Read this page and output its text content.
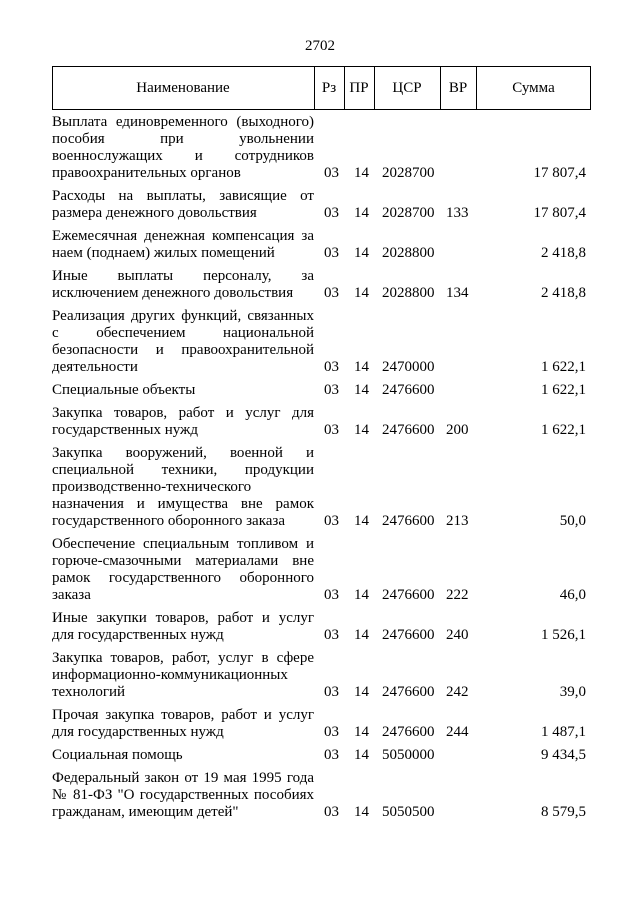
2702
Наименование	Рз ПР	ЦСР	ВР	Сумма
Выплата единовременного (выходного) пособия при увольнении военнослужащих и сотрудников правоохранительных органов	03 14 2028700	17 807,4
Расходы на выплаты, зависящие от размера денежного довольствия	03 14 2028700 133	17 807,4
Ежемесячная денежная компенсация за наем (поднаем) жилых помещений	03 14 2028800	2 418,8
Иные выплаты персоналу, за исключением денежного довольствия	03 14 2028800 134	2 418,8
Реализация других функций, связанных с обеспечением национальной безопасности и правоохранительной деятельности	03 14 2470000	1 622,1
Специальные объекты	03 14 2476600	1 622,1
Закупка товаров, работ и услуг для государственных нужд	03 14 2476600 200	1 622,1
Закупка вооружений, военной и специальной техники, продукции производственно-технического назначения и имущества вне рамок государственного оборонного заказа	03 14 2476600 213	50,0
Обеспечение специальным топливом и горюче-смазочными материалами вне рамок государственного оборонного заказа	03 14 2476600 222	46,0
Иные закупки товаров, работ и услуг для государственных нужд	03 14 2476600 240	1 526,1
Закупка товаров, работ, услуг в сфере информационно-коммуникационных технологий	03 14 2476600 242	39,0
Прочая закупка товаров, работ и услуг для государственных нужд	03 14 2476600 244	1 487,1
Социальная помощь	03 14 5050000	9 434,5
Федеральный закон от 19 мая 1995 года № 81-ФЗ "О государственных пособиях гражданам, имеющим детей"	03 14 5050500	8 579,5
